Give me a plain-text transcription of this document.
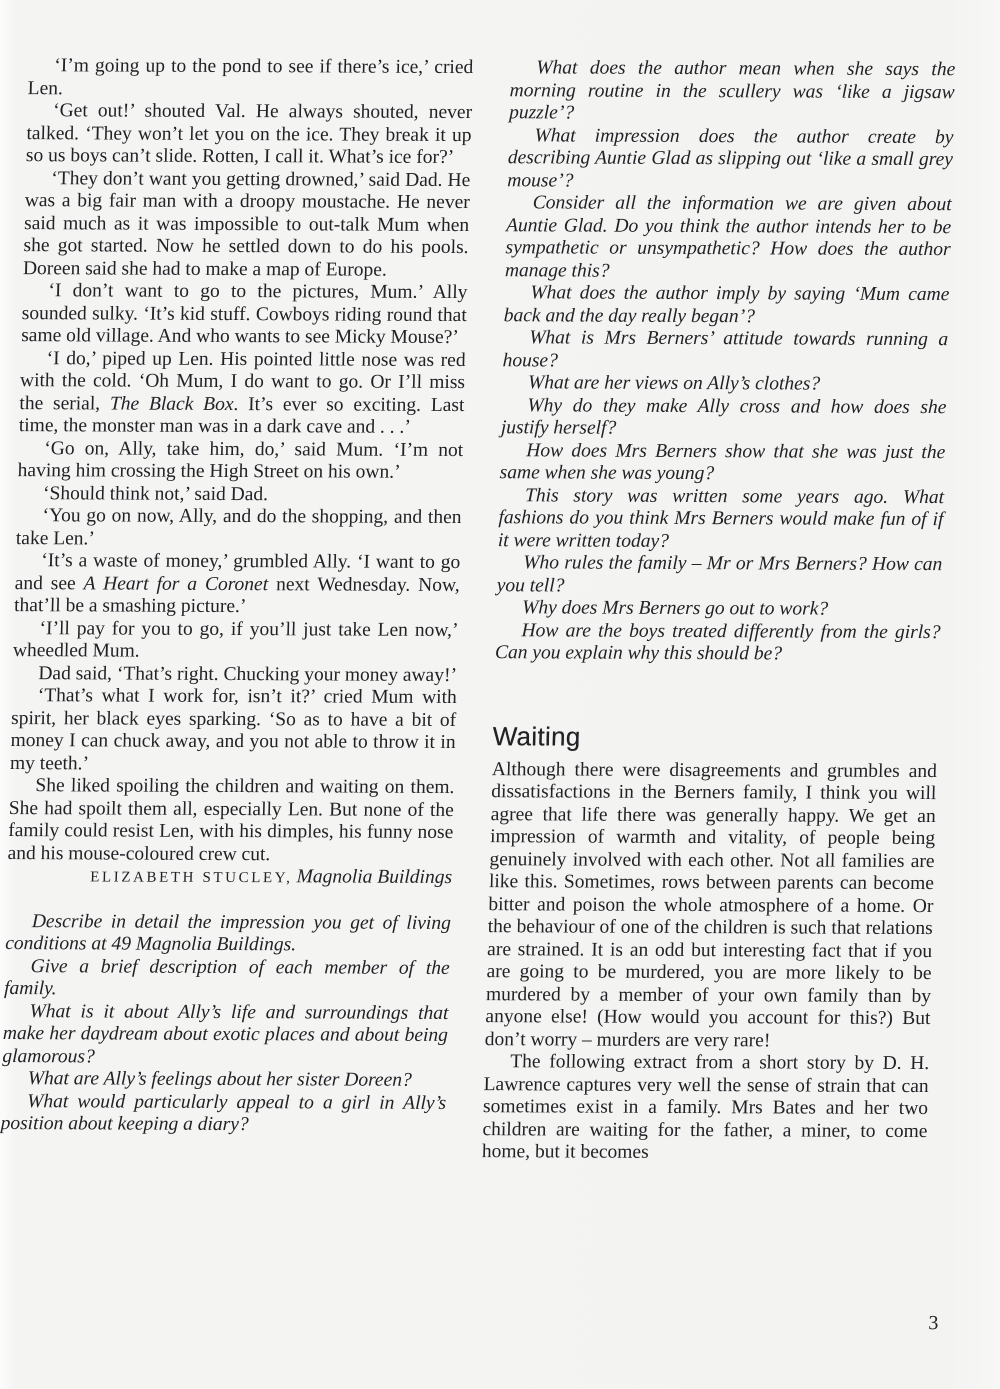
‘I’m going up to the pond to see if there’s ice,’ cried Len.

‘Get out!’ shouted Val. He always shouted, never talked. ‘They won’t let you on the ice. They break it up so us boys can’t slide. Rotten, I call it. What’s ice for?’

‘They don’t want you getting drowned,’ said Dad. He was a big fair man with a droopy moustache. He never said much as it was impossible to out-talk Mum when she got started. Now he settled down to do his pools. Doreen said she had to make a map of Europe.

‘I don’t want to go to the pictures, Mum.’ Ally sounded sulky. ‘It’s kid stuff. Cowboys riding round that same old village. And who wants to see Micky Mouse?’

‘I do,’ piped up Len. His pointed little nose was red with the cold. ‘Oh Mum, I do want to go. Or I’ll miss the serial, The Black Box. It’s ever so exciting. Last time, the monster man was in a dark cave and . . .’

‘Go on, Ally, take him, do,’ said Mum. ‘I’m not having him crossing the High Street on his own.’

‘Should think not,’ said Dad.

‘You go on now, Ally, and do the shopping, and then take Len.’

‘It’s a waste of money,’ grumbled Ally. ‘I want to go and see A Heart for a Coronet next Wednesday. Now, that’ll be a smashing picture.’

‘I’ll pay for you to go, if you’ll just take Len now,’ wheedled Mum.

Dad said, ‘That’s right. Chucking your money away!’

‘That’s what I work for, isn’t it?’ cried Mum with spirit, her black eyes sparking. ‘So as to have a bit of money I can chuck away, and you not able to throw it in my teeth.’

She liked spoiling the children and waiting on them. She had spoilt them all, especially Len. But none of the family could resist Len, with his dimples, his funny nose and his mouse-coloured crew cut.

ELIZABETH STUCLEY, Magnolia Buildings

Describe in detail the impression you get of living conditions at 49 Magnolia Buildings.

Give a brief description of each member of the family.

What is it about Ally’s life and surroundings that make her daydream about exotic places and about being glamorous?

What are Ally’s feelings about her sister Doreen?

What would particularly appeal to a girl in Ally’s position about keeping a diary?

What does the author mean when she says the morning routine in the scullery was ‘like a jigsaw puzzle’?

What impression does the author create by describing Auntie Glad as slipping out ‘like a small grey mouse’?

Consider all the information we are given about Auntie Glad. Do you think the author intends her to be sympathetic or unsympathetic? How does the author manage this?

What does the author imply by saying ‘Mum came back and the day really began’?

What is Mrs Berners’ attitude towards running a house?

What are her views on Ally’s clothes?

Why do they make Ally cross and how does she justify herself?

How does Mrs Berners show that she was just the same when she was young?

This story was written some years ago. What fashions do you think Mrs Berners would make fun of if it were written today?

Who rules the family – Mr or Mrs Berners? How can you tell?

Why does Mrs Berners go out to work?

How are the boys treated differently from the girls? Can you explain why this should be?

Waiting

Although there were disagreements and grumbles and dissatisfactions in the Berners family, I think you will agree that life there was generally happy. We get an impression of warmth and vitality, of people being genuinely involved with each other. Not all families are like this. Sometimes, rows between parents can become bitter and poison the whole atmosphere of a home. Or the behaviour of one of the children is such that relations are strained. It is an odd but interesting fact that if you are going to be murdered, you are more likely to be murdered by a member of your own family than by anyone else! (How would you account for this?) But don’t worry – murders are very rare!

The following extract from a short story by D. H. Lawrence captures very well the sense of strain that can sometimes exist in a family. Mrs Bates and her two children are waiting for the father, a miner, to come home, but it becomes

3
